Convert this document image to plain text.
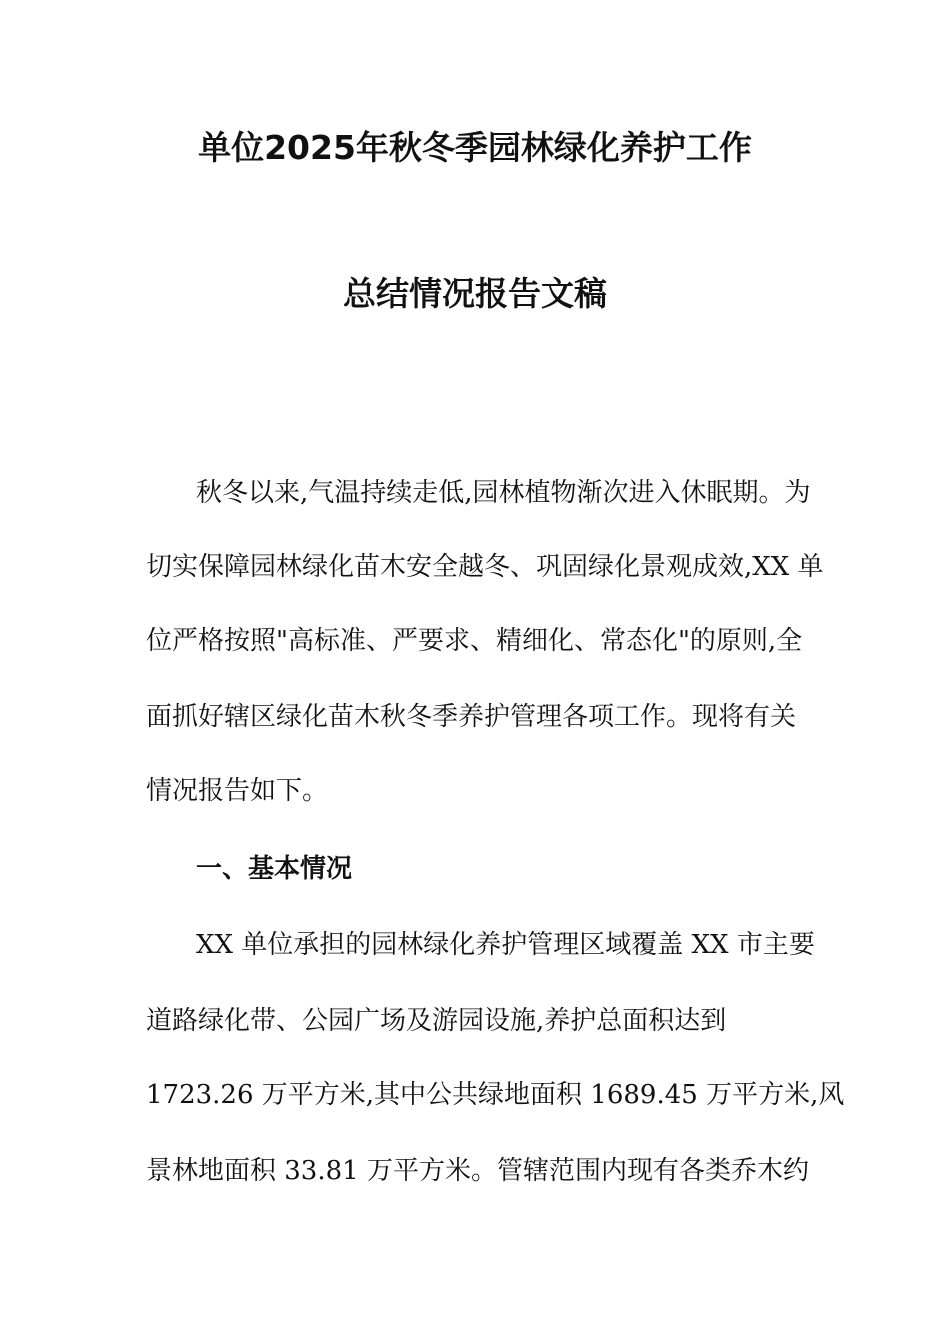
单位2025年秋冬季园林绿化养护工作
总结情况报告文稿
秋冬以来,气温持续走低,园林植物渐次进入休眠期。为
切实保障园林绿化苗木安全越冬、巩固绿化景观成效,XX 单
位严格按照"高标准、严要求、精细化、常态化"的原则,全
面抓好辖区绿化苗木秋冬季养护管理各项工作。现将有关
情况报告如下。
一、基本情况
XX 单位承担的园林绿化养护管理区域覆盖 XX 市主要
道路绿化带、公园广场及游园设施,养护总面积达到
1723.26 万平方米,其中公共绿地面积 1689.45 万平方米,风
景林地面积 33.81 万平方米。管辖范围内现有各类乔木约
